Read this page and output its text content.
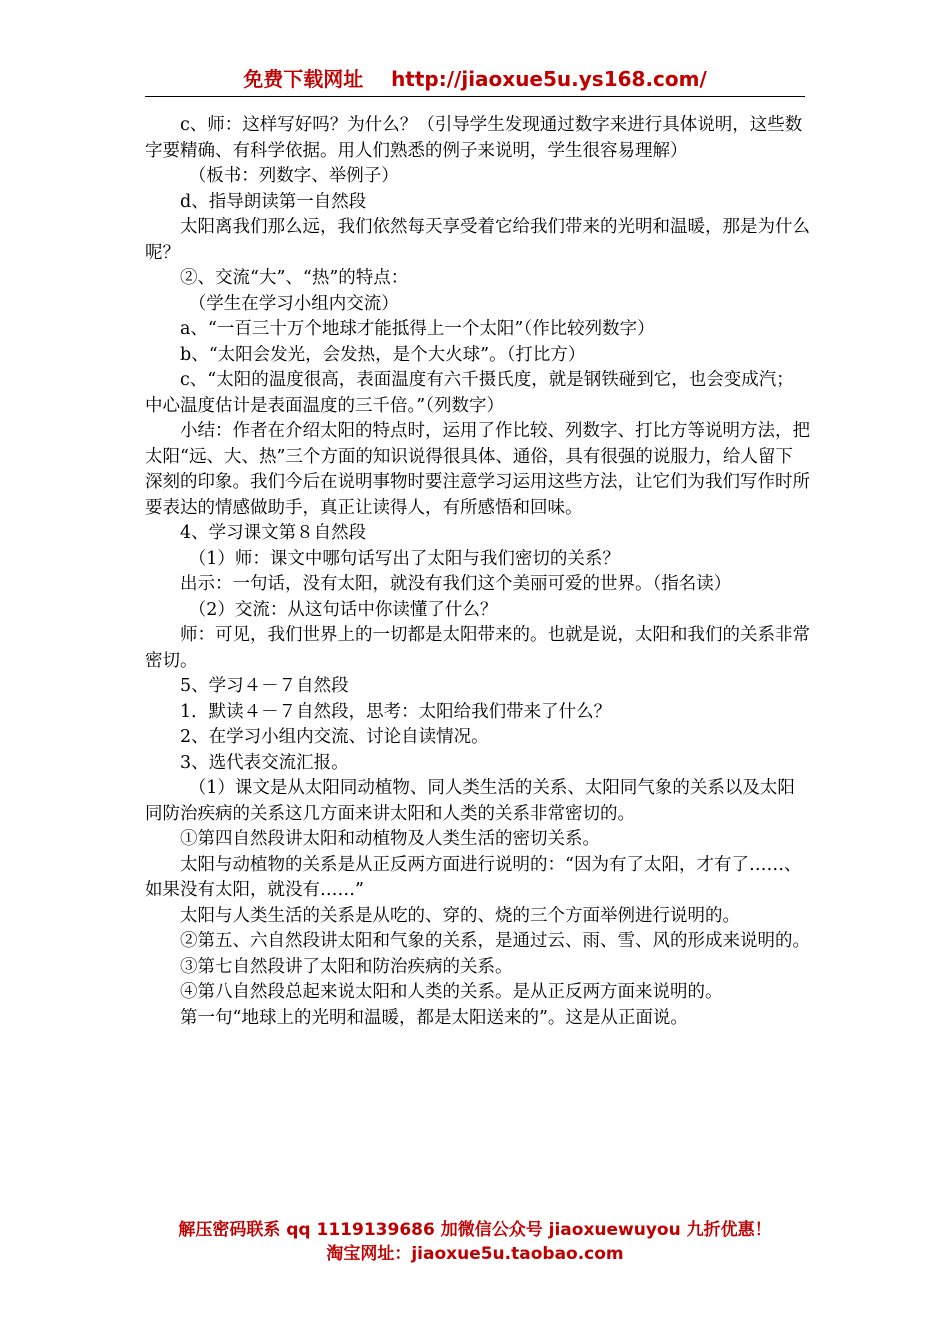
免费下载网址 http://jiaoxue5u.ys168.com/

c、师：这样写好吗？为什么？（引导学生发现通过数字来进行具体说明，这些数字要精确、有科学依据。用人们熟悉的例子来说明，学生很容易理解）

（板书：列数字、举例子）

d、指导朗读第一自然段

太阳离我们那么远，我们依然每天享受着它给我们带来的光明和温暖，那是为什么呢？

②、交流“大”、“热”的特点：

（学生在学习小组内交流）

a、“一百三十万个地球才能抵得上一个太阳”（作比较列数字）

b、“太阳会发光，会发热，是个大火球”。（打比方）

c、“太阳的温度很高，表面温度有六千摄氏度，就是钢铁碰到它，也会变成汽；中心温度估计是表面温度的三千倍。”（列数字）

小结：作者在介绍太阳的特点时，运用了作比较、列数字、打比方等说明方法，把太阳“远、大、热”三个方面的知识说得很具体、通俗，具有很强的说服力，给人留下深刻的印象。我们今后在说明事物时要注意学习运用这些方法，让它们为我们写作时所要表达的情感做助手，真正让读得人，有所感悟和回味。

4、学习课文第８自然段

（1）师：课文中哪句话写出了太阳与我们密切的关系？

出示：一句话，没有太阳，就没有我们这个美丽可爱的世界。（指名读）

（2）交流：从这句话中你读懂了什么？

师：可见，我们世界上的一切都是太阳带来的。也就是说，太阳和我们的关系非常密切。

5、学习４－７自然段

1．默读４－７自然段，思考：太阳给我们带来了什么？

2、在学习小组内交流、讨论自读情况。

3、选代表交流汇报。

（1）课文是从太阳同动植物、同人类生活的关系、太阳同气象的关系以及太阳同防治疾病的关系这几方面来讲太阳和人类的关系非常密切的。

①第四自然段讲太阳和动植物及人类生活的密切关系。

太阳与动植物的关系是从正反两方面进行说明的：“因为有了太阳，才有了……、如果没有太阳，就没有……”

太阳与人类生活的关系是从吃的、穿的、烧的三个方面举例进行说明的。

②第五、六自然段讲太阳和气象的关系，是通过云、雨、雪、风的形成来说明的。

③第七自然段讲了太阳和防治疾病的关系。

④第八自然段总起来说太阳和人类的关系。是从正反两方面来说明的。

第一句“地球上的光明和温暖，都是太阳送来的”。这是从正面说。

解压密码联系 qq 1119139686 加微信公众号 jiaoxuewuyou 九折优惠！
淘宝网址：jiaoxue5u.taobao.com
